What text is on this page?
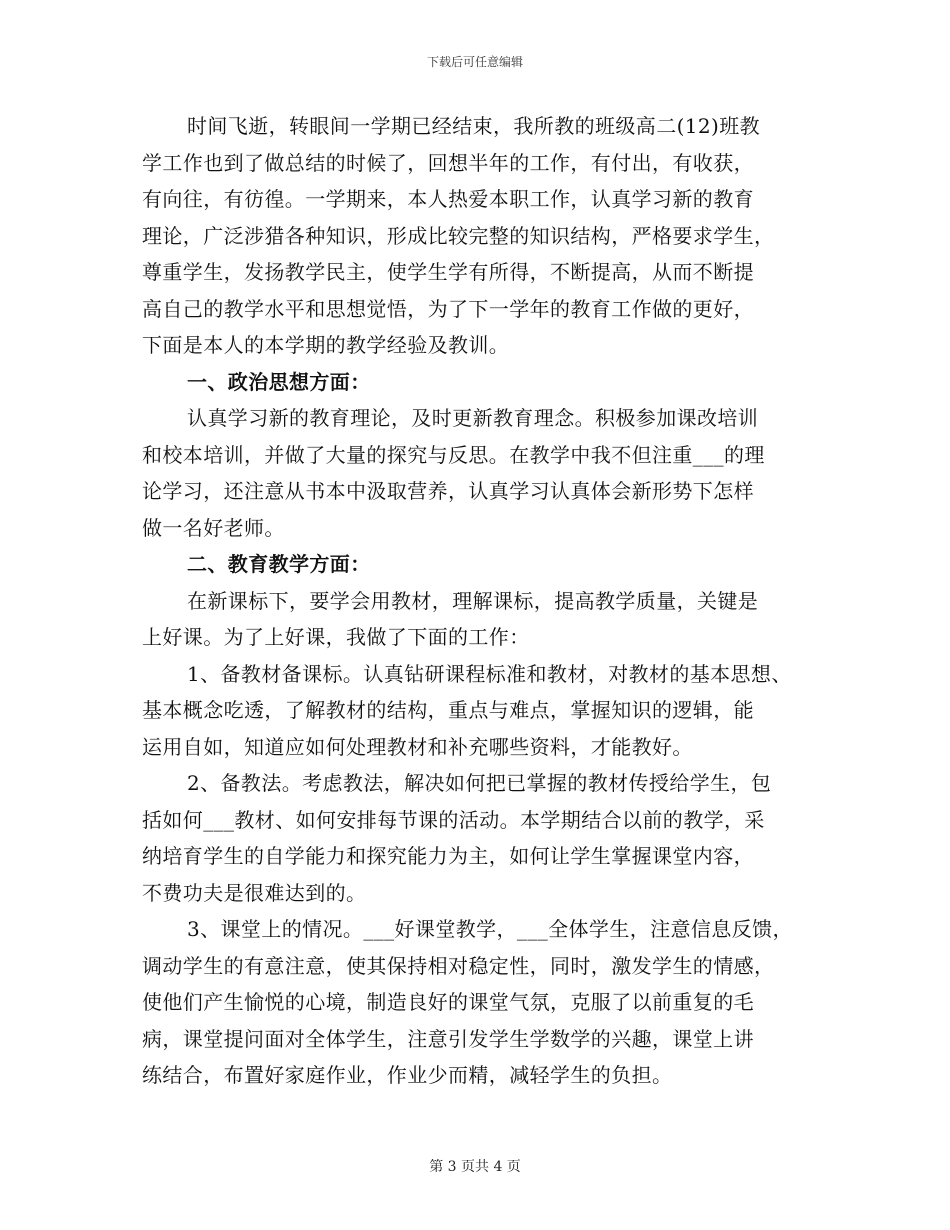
下载后可任意编辑
时间飞逝，转眼间一学期已经结束，我所教的班级高二(12)班教
学工作也到了做总结的时候了，回想半年的工作，有付出，有收获，
有向往，有彷徨。一学期来，本人热爱本职工作，认真学习新的教育
理论，广泛涉猎各种知识，形成比较完整的知识结构，严格要求学生，
尊重学生，发扬教学民主，使学生学有所得，不断提高，从而不断提
高自己的教学水平和思想觉悟，为了下一学年的教育工作做的更好，
下面是本人的本学期的教学经验及教训。
一、政治思想方面：
认真学习新的教育理论，及时更新教育理念。积极参加课改培训
和校本培训，并做了大量的探究与反思。在教学中我不但注重___的理
论学习，还注意从书本中汲取营养，认真学习认真体会新形势下怎样
做一名好老师。
二、教育教学方面：
在新课标下，要学会用教材，理解课标，提高教学质量，关键是
上好课。为了上好课，我做了下面的工作：
1、备教材备课标。认真钻研课程标准和教材，对教材的基本思想、
基本概念吃透，了解教材的结构，重点与难点，掌握知识的逻辑，能
运用自如，知道应如何处理教材和补充哪些资料，才能教好。
2、备教法。考虑教法，解决如何把已掌握的教材传授给学生，包
括如何___教材、如何安排每节课的活动。本学期结合以前的教学，采
纳培育学生的自学能力和探究能力为主，如何让学生掌握课堂内容，
不费功夫是很难达到的。
3、课堂上的情况。___好课堂教学，___全体学生，注意信息反馈，
调动学生的有意注意，使其保持相对稳定性，同时，激发学生的情感，
使他们产生愉悦的心境，制造良好的课堂气氛，克服了以前重复的毛
病，课堂提问面对全体学生，注意引发学生学数学的兴趣，课堂上讲
练结合，布置好家庭作业，作业少而精，减轻学生的负担。
第 3 页共 4 页
